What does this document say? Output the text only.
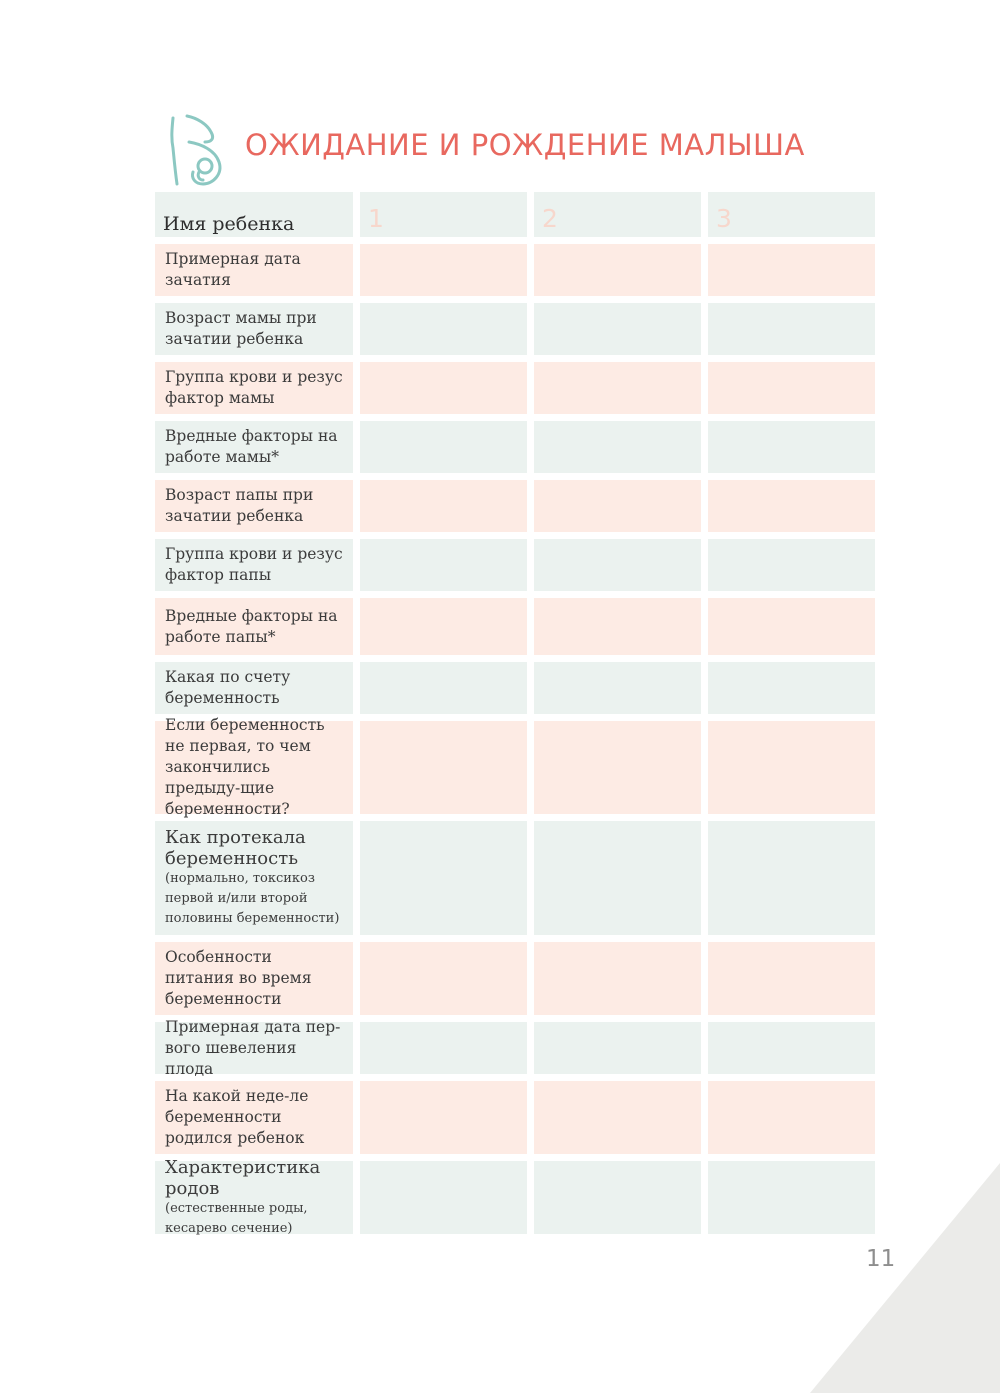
ОЖИДАНИЕ И РОЖДЕНИЕ МАЛЫША
Имя ребенка	1	2	3
Примерная дата зачатия
Возраст мамы при зачатии ребенка
Группа крови и резус фактор мамы
Вредные факторы на работе мамы*
Возраст папы при зачатии ребенка
Группа крови и резус фактор папы
Вредные факторы на работе папы*
Какая по счету беременность
Если беременность не первая, то чем закончились предыду-щие беременности?
Как протекала беременность
(нормально, токсикоз первой и/или второй половины беременности)
Особенности питания во время беременности
Примерная дата пер-вого шевеления плода
На какой неде-ле беременности родился ребенок
Характеристика родов
(естественные роды, кесарево сечение)
11
